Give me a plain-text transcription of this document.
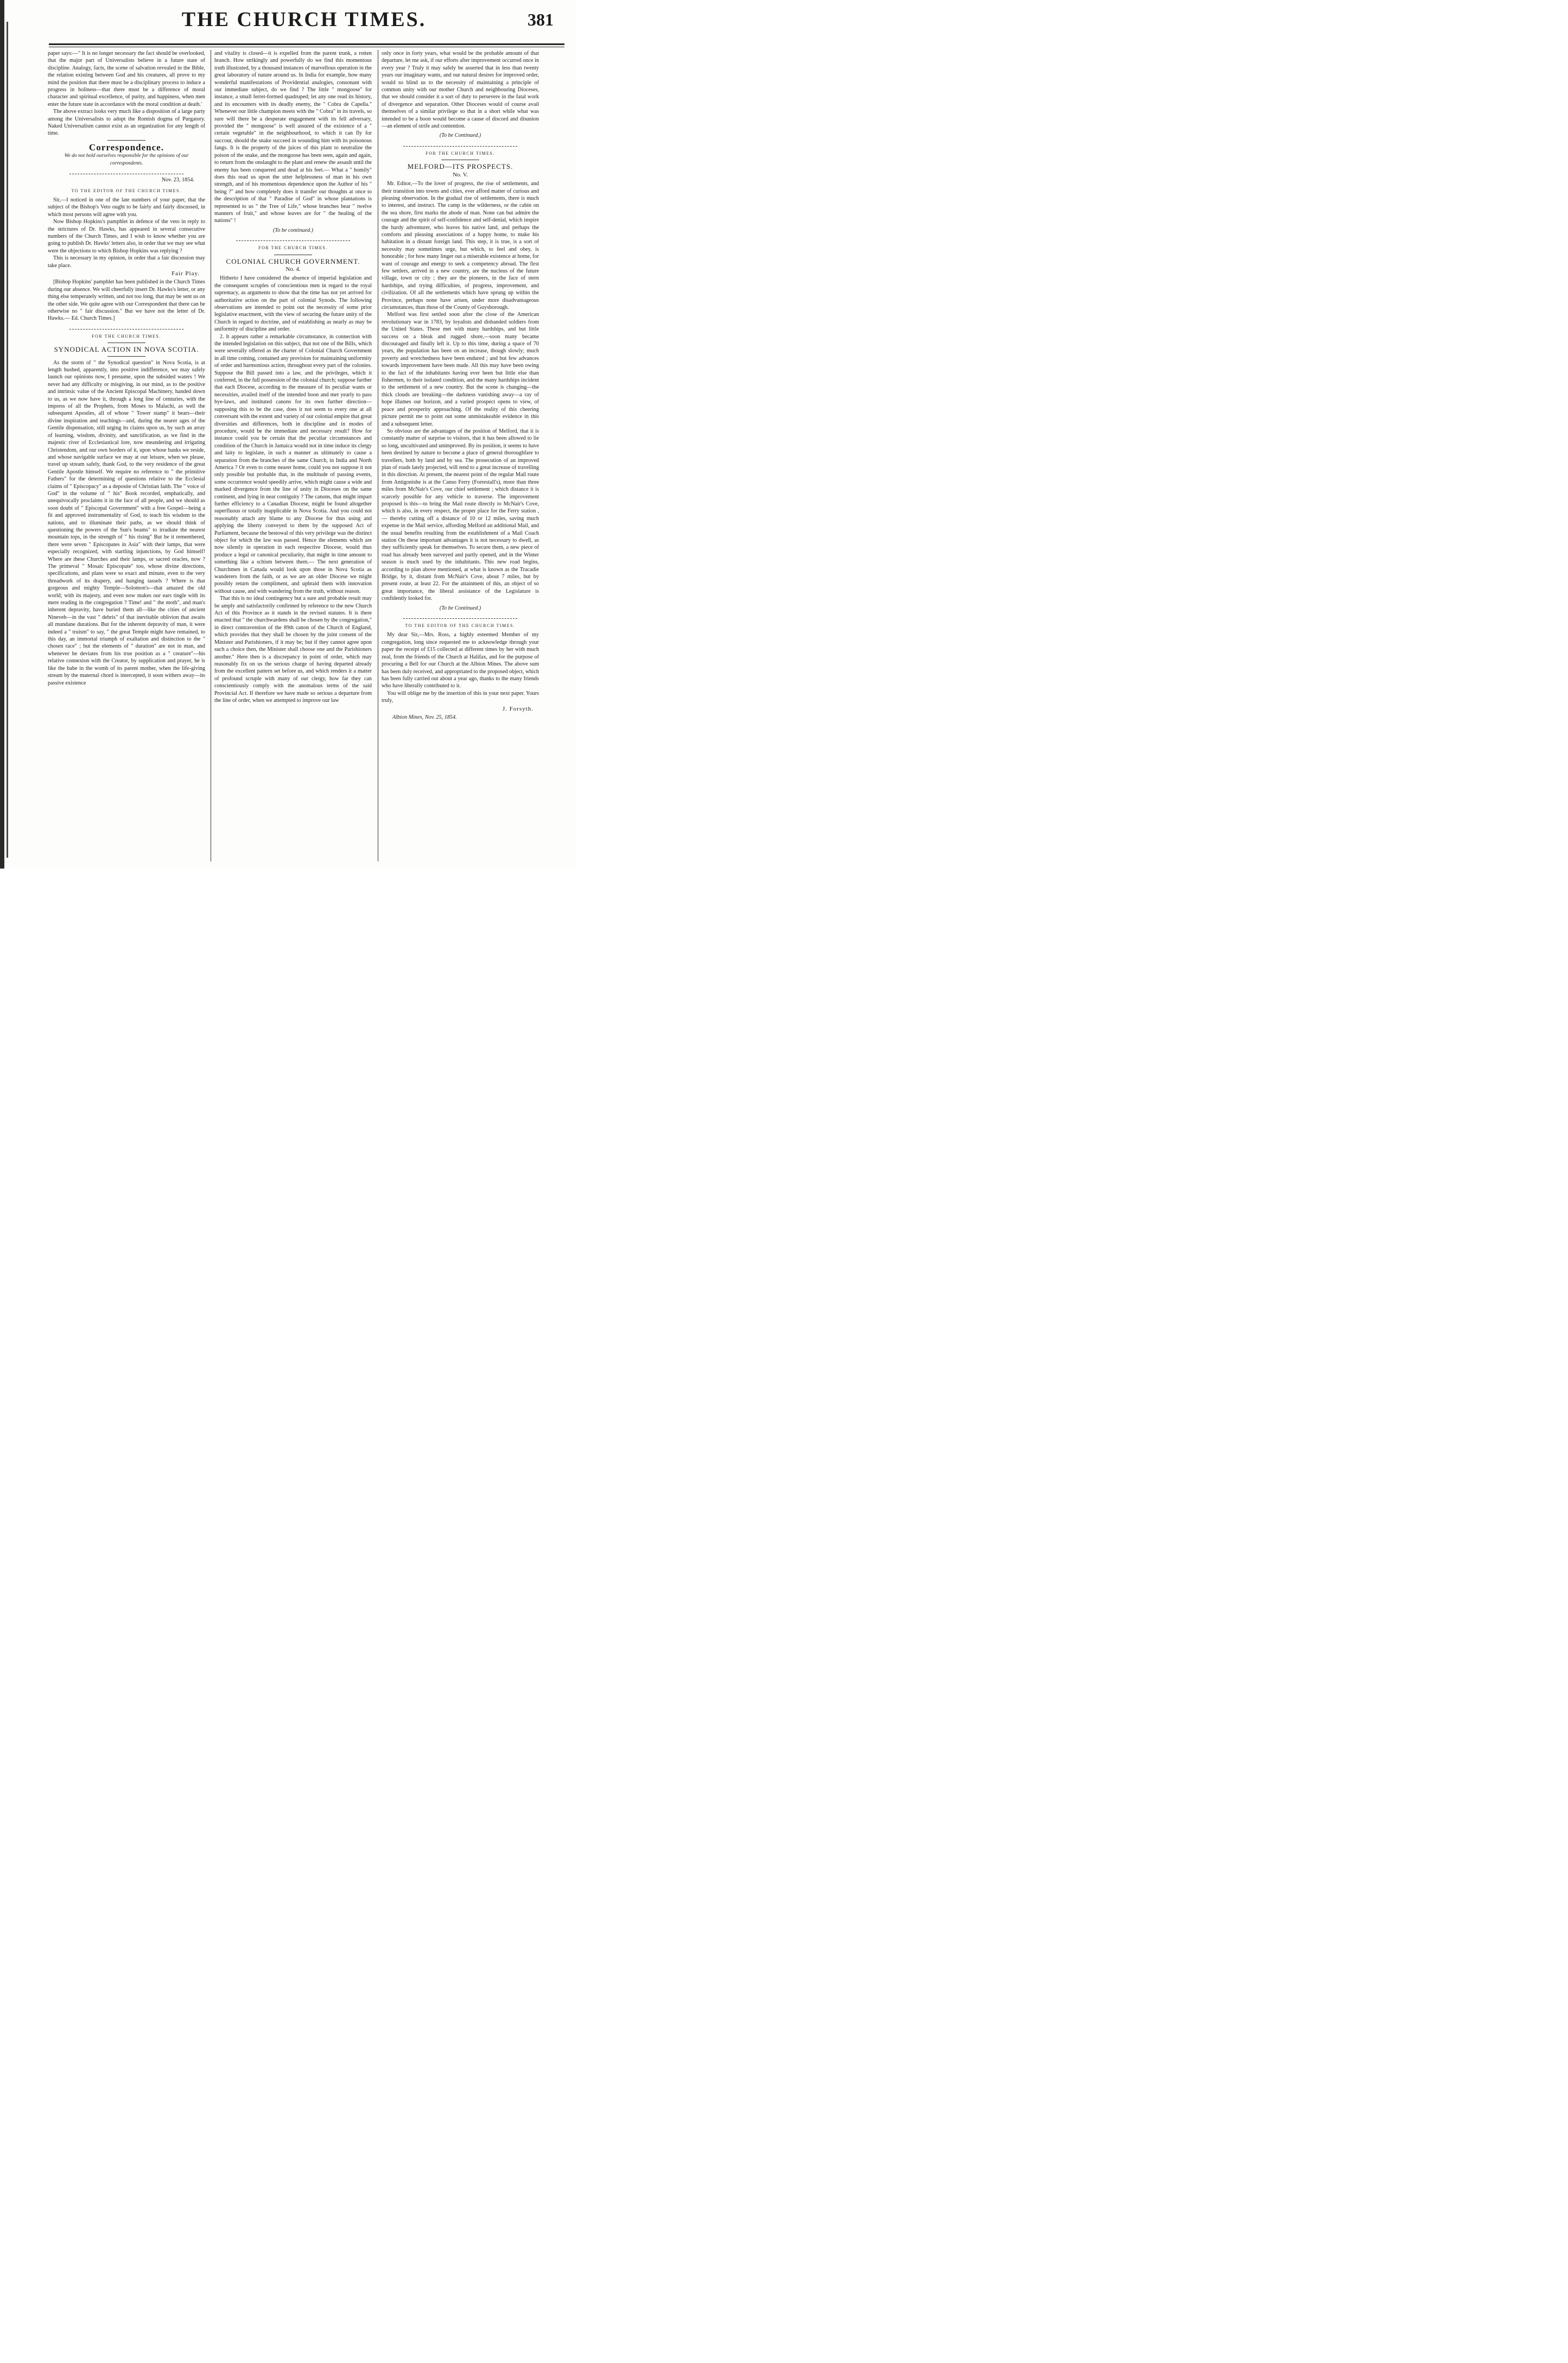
THE CHURCH TIMES.	381

paper says:—" It is no longer necessary the fact should be overlooked, that the major part of Universalists believe in a future state of discipline. Analogy, facts, the scene of salvation revealed in the Bible, the relation existing between God and his creatures, all prove to my mind the position that there must be a disciplinary process to induce a progress in holiness—that there must be a difference of moral character and spiritual excellence, of purity, and happiness, when men enter the future state in accordance with the moral condition at death.'

The above extract looks very much like a disposition of a large party among the Universalists to adopt the Romish dogma of Purgatory. Naked Universalism cannot exist as an organization for any length of time.

Correspondence.
We do not hold ourselves responsible for the opinions of our correspondents.
Nov. 23, 1854.
TO THE EDITOR OF THE CHURCH TIMES.

Sir,—I noticed in one of the late numbers of your paper, that the subject of the Bishop's Veto ought to be fairly and fairly discussed, in which most persons will agree with you.

Now Bishop Hopkins's pamphlet in defence of the veto in reply to the strictures of Dr. Hawks, has appeared in several consecutive numbers of the Church Times, and I wish to know whether you are going to publish Dr. Hawks' letters also, in order that we may see what were the objections to which Bishop Hopkins was replying ?

This is necessary in my opinion, in order that a fair discussion may take place.

Fair Play.

[Bishop Hopkins' pamphlet has been published in the Church Times during our absence. We will cheerfully insert Dr. Hawks's letter, or any thing else temperately written, and not too long, that may be sent us on the other side. We quite agree with our Correspondent that there can be otherwise no " fair discussion." But we have not the letter of Dr. Hawks.— Ed. Church Times.]

FOR THE CHURCH TIMES.
SYNODICAL ACTION IN NOVA SCOTIA.

As the storm of " the Synodical question" in Nova Scotia, is at length hushed, apparently, into positive indifference, we may safely launch our opinions now, I presume, upon the subsided waters ! We never had any difficulty or misgiving, in our mind, as to the positive and intrinsic value of the Ancient Episcopal Machinery, handed down to us, as we now have it, through a long line of centuries, with the impress of all the Prophets, from Moses to Malachi, as well the subsequent Apostles, all of whose " Tower stamp" it bears—their divine inspiration and teachings—and, during the nearer ages of the Gentile dispensation, still urging its claims upon us, by such an array of learning, wisdom, divinity, and sanctification, as we find in the majestic river of Ecclesiastical lore, now meandering and irrigating Christendom, and our own borders of it, upon whose banks we reside, and whose navigable surface we may at our leisure, when we please, travel up stream safely, thank God, to the very residence of the great Gentile Apostle himself. We require no reference to " the primitive Fathers" for the determining of questions relative to the Ecclesial claims of " Episcopacy" as a deposite of Christian faith. The " voice of God" in the volume of " his" Book recorded, emphatically, and unequivocally proclaims it in the face of all people, and we should as soon doubt of " Episcopal Government" with a free Gospel—being a fit and approved instrumentality of God, to teach his wisdom to the nations, and to illuminate their paths, as we should think of questioning the powers of the Sun's beams" to irradiate the nearest mountain tops, in the strength of " his rising" But be it remembered, there were seven " Episcopates in Asia" with their lamps, that were especially recognized, with startling injunctions, by God himself! Where are these Churches and their lamps, or sacred oracles, now ? The primeval " Mosaic Episcopate" too, whose divine directions, specifications, and plans were so exact and minute, even to the very threadwork of its drapery, and hanging tassels ? Where is that gorgeous and mighty Temple—Solomon's—that amazed the old world; with its majesty, and even now makes our ears tingle with its mere reading in the congregation ? Time! and " the moth", and man's inherent depravity, have buried them all—like the cities of ancient Nineveh—in the vast " debris" of that inevitable oblivion that awaits all mundane durations. But for the inherent depravity of man, it were indeed a " truism" to say, " the great Temple might have remained, to this day, an immortal triumph of exaltation and distinction to the " chosen race" ; but the elements of " duration" are not in man, and whenever he deviates from his true position as a " creature"—his relative connexion with the Creator, by supplication and prayer, he is like the babe in the womb of its parent mother, when the life-giving stream by the maternal chord is intercepted, it soon withers away—its passive existence

and vitality is closed—it is expelled from the parent trunk, a rotten branch. How strikingly and powerfully do we find this momentous truth illustrated, by a thousand instances of marvellous operation in the great laboratory of nature around us. In India for example, how many wonderful manifestations of Providential analogies, consonant with our immediate subject, do we find ? The little " mongoose" for instance, a small ferret-formed quadruped; let any one read its history, and its encounters with its deadly enemy, the " Cobra de Capella." Whenever our little champion meets with the " Cobra" in its travels, so sure will there be a desperate engagement with its fell adversary, provided the " mongoose" is well assured of the existence of a " certain vegetable" in the neighbourhood, to which it can fly for succour, should the snake succeed in wounding him with its poisonous fangs. It is the property of the juices of this plant to neutralize the poison of the snake, and the mongoose has been seen, again and again, to return from the onslaught to the plant and renew the assault until the enemy has been conquered and dead at his feet.— What a " homily" does this read us upon the utter helplessness of man in his own strength, and of his momentous dependence upon the Author of his " being ?" and how completely does it transfer our thoughts at once to the description of that " Paradise of God" in whose plantations is represented to us " the Tree of Life," whose branches bear " twelve manners of fruit," and whose leaves are for " the healing of the nations" !

(To be continued.)
FOR THE CHURCH TIMES.
COLONIAL CHURCH GOVERNMENT.
No. 4.

Hitherto I have considered the absence of imperial legislation and the consequent scruples of conscientious men in regard to the royal supremacy, as arguments to show that the time has not yet arrived for authoritative action on the part of colonial Synods. The following observations are intended to point out the necessity of some prior legislative enactment, with the view of securing the future unity of the Church in regard to doctrine, and of establishing as nearly as may be uniformity of discipline and order.

2. It appears rather a remarkable circumstance, in connection with the intended legislation on this subject, that not one of the Bills, which were severally offered as the charter of Colonial Church Government in all time coming, contained any provision for maintaining uniformity of order and harmonious action, throughout every part of the colonies. Suppose the Bill passed into a law, and the privileges, which it conferred, in the full possession of the colonial church; suppose further that each Diocese, according to the measure of its peculiar wants or necessities, availed itself of the intended boon and met yearly to pass bye-laws, and instituted canons for its own further direction—supposing this to be the case, does it not seem to every one at all conversant with the extent and variety of our colonial empire that great diversities and differences, both in discipline and in modes of procedure, would be the immediate and necessary result? How for instance could you be certain that the peculiar circumstances and condition of the Church in Jamaica would not in time induce its clergy and laity to legislate, in such a manner as ultimately to cause a separation from the branches of the same Church, in India and North America ? Or even to come nearer home, could you not suppose it not only possible but probable that, in the multitude of passing events, some occurrence would speedily arrive, which might cause a wide and marked divergence from the line of unity in Dioceses on the same continent, and lying in near contiguity ? The canons, that might impart further efficiency to a Canadian Diocese, might be found altogether superfluous or totally inapplicable in Nova Scotia. And you could not reasonably attach any blame to any Diocese for thus using and applying the liberty conveyed to them by the supposed Act of Parliament, because the bestowal of this very privilege was the distinct object for which the law was passed. Hence the elements which are now silently in operation in each respective Diocese, would thus produce a legal or canonical peculiarity, that might in time amount to something like a schism between them.— The next generation of Churchmen in Canada would look upon those in Nova Scotia as wanderers from the faith, or as we are an older Diocese we might possibly return the compliment, and upbraid them with innovation without cause, and with wandering from the truth, without reason.

That this is no ideal contingency but a sure and probable result may be amply and satisfactorily confirmed by reference to the new Church Act of this Province as it stands in the revised statutes. It is there enacted that " the churchwardens shall be chosen by the congregation," in direct contravention of the 89th canon of the Church of England, which provides that they shall be chosen by the joint consent of the Minister and Parishioners, if it may be; but if they cannot agree upon such a choice then, the Minister shall choose one and the Parishioners another." Here then is a discrepancy in point of order, which may reasonably fix on us the serious charge of having departed already from the excellent pattern set before us, and which renders it a matter of profound scruple with many of our clergy, how far they can conscientiously comply with the anomalous terms of the said Provincial Act. If therefore we have made so serious a departure from the line of order, when we attempted to improve our law

only once in forty years, what would be the probable amount of that departure, let me ask, if our efforts after improvement occurred once in every year ? Truly it may safely be asserted that in less than twenty years our imaginary wants, and our natural desires for improved order, would so blind us to the necessity of maintaining a principle of common unity with our mother Church and neighbouring Dioceses, that we should consider it a sort of duty to persevere in the fatal work of divergence and separation. Other Dioceses would of course avail themselves of a similar privilege so that in a short while what was intended to be a boon would become a cause of discord and disunion—an element of strife and contention.

(To be Continued.)
FOR THE CHURCH TIMES.
MELFORD—ITS PROSPECTS.
No. V.

Mr. Editor,—To the lover of progress, the rise of settlements, and their transition into towns and cities, ever afford matter of curious and pleasing observation. In the gradual rise of settlements, there is much to interest, and instruct. The camp in the wilderness, or the cabin on the sea shore, first marks the abode of man. None can but admire the courage and the spirit of self-confidence and self-denial, which inspire the hardy adventurer, who leaves his native land, and perhaps the comforts and pleasing associations of a happy home, to make his habitation in a distant foreign land. This step, it is true, is a sort of necessity may sometimes urge, but which, to feel and obey, is honorable ; for how many linger out a miserable existence at home, for want of courage and energy to seek a competency abroad. The first few settlers, arrived in a new country, are the nucleus of the future village, town or city ; they are the pioneers, in the face of stern hardships, and trying difficulties, of progress, improvement, and civilization. Of all the settlements which have sprung up within the Province, perhaps none have arisen, under more disadvantageous circumstances, than those of the County of Guysborough.

Melford was first settled soon after the close of the American revolutionary war in 1783, by loyalists and disbanded soldiers from the United States. These met with many hardships, and but little success on a bleak and rugged shore,—soon many became discouraged and finally left it. Up to this time, during a space of 70 years, the population has been on an increase, though slowly; much poverty and wretchedness have been endured ; and but few advances towards improvement have been made. All this may have been owing to the fact of the inhabitants having ever been but little else than fishermen, to their isolated condition, and the many hardships incident to the settlement of a new country. But the scene is changing—the thick clouds are breaking—the darkness vanishing away—a ray of hope illumes our horizon, and a varied prospect opens to view, of peace and prosperity approaching. Of the reality of this cheering picture permit me to point out some unmistakeable evidence in this and a subsequent letter.

So obvious are the advantages of the position of Melford, that it is constantly matter of surprise to visitors, that it has been allowed to lie so long, uncultivated and unimproved. By its position, it seems to have been destined by nature to become a place of general thoroughfare to travellers, both by land and by sea. The prosecution of an improved plan of roads lately projected, will tend to a great increase of travelling in this direction. At present, the nearest point of the regular Mail route from Antigonishe is at the Canso Ferry (Forrestall's), more than three miles from McNair's Cove, our chief settlement ; which distance it is scarcely possible for any vehicle to traverse. The improvement proposed is this—to bring the Mail route directly to McNair's Cove, which is also, in every respect, the proper place for the Ferry station ,— thereby cutting off a distance of 10 or 12 miles, saving much expense in the Mail service, affording Melford an additional Mail, and the usual benefits resulting from the establishment of a Mail Coach station On these important advantages it is not necessary to dwell, as they sufficiently speak for themselves. To secure them, a new piece of road has already been surveyed and partly opened, and in the Winter season is much used by the inhabitants. This new road begins, according to plan above mentioned, at what is known as the Tracadie Bridge, by it, distant from McNair's Cove, about 7 miles, but by present route, at least 22. For the attainment of this, an object of so great importance, the liberal assistance of the Legislature is confidently looked for.

(To be Continued.)
TO THE EDITOR OF THE CHURCH TIMES.

My dear Sir,—Mrs. Ross, a highly esteemed Member of my congregation, long since requested me to acknowledge through your paper the receipt of £15 collected at different times by her with much zeal, from the friends of the Church at Halifax, and for the purpose of procuring a Bell for our Church at the Albion Mines. The above sum has been duly received, and appropriated to the proposed object, which has been fully carried out about a year ago, thanks to the many friends who have liberally contributed to it.

You will oblige me by the insertion of this in your next paper. Yours truly,

J. Forsyth.
Albion Mines, Nov. 25, 1854.
